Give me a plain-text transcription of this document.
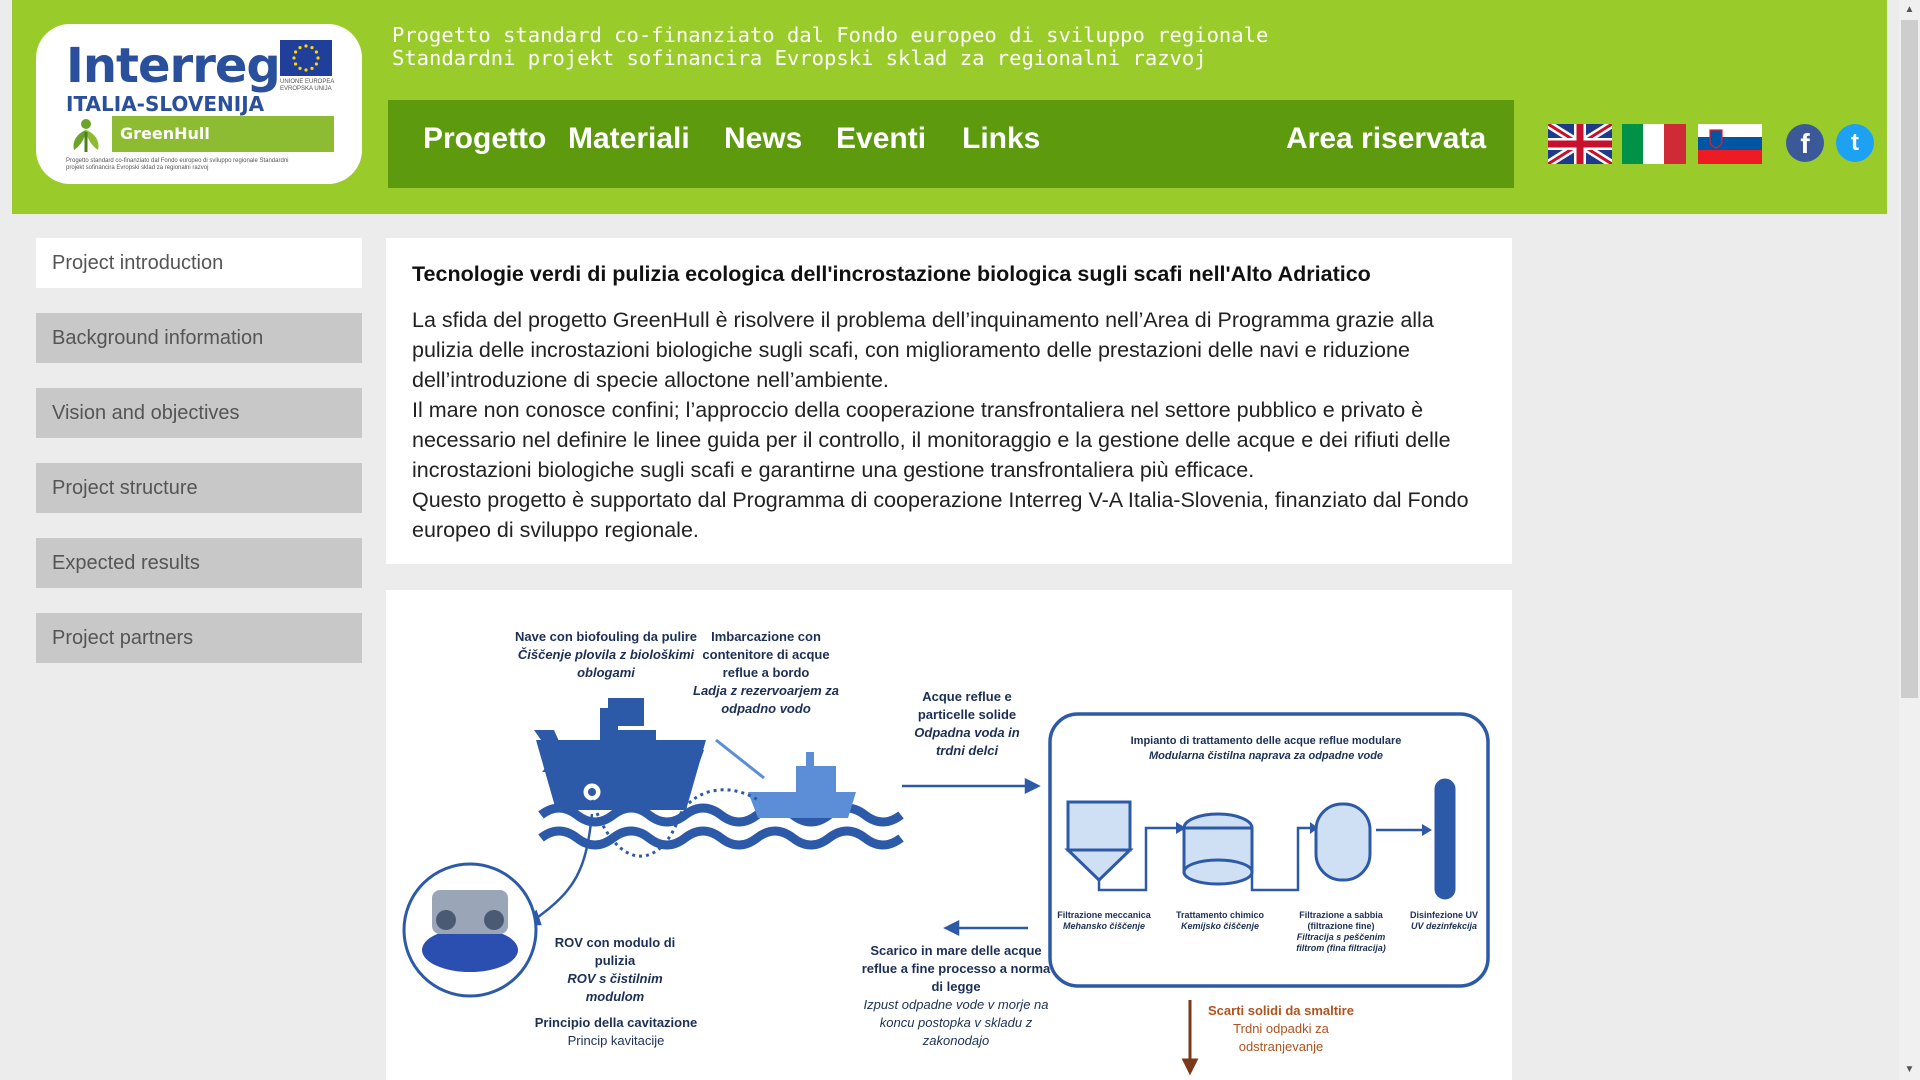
Interreg UNIONE EUROPEA EVROPSKA UNIJA
ITALIA-SLOVENIJA
GreenHull
Progetto standard co-finanziato dal Fondo europeo di sviluppo regionale Standardni projekt sofinancira Evropski sklad za regionalni razvoj
Progetto standard co-finanziato dal Fondo europeo di sviluppo regionale
Standardni projekt sofinancira Evropski sklad za regionalni razvoj
Progetto Materiali News Eventi Links	Area riservata	f	t
▲
▼
Project introduction
Background information
Vision and objectives
Project structure
Expected results
Project partners
Tecnologie verdi di pulizia ecologica dell'incrostazione biologica sugli scafi nell'Alto Adriatico

La sfida del progetto GreenHull è risolvere il problema dell’inquinamento nell’Area di Programma grazie alla pulizia delle incrostazioni biologiche sugli scafi, con miglioramento delle prestazioni delle navi e riduzione dell’introduzione di specie alloctone nell’ambiente.

Il mare non conosce confini; l’approccio della cooperazione transfrontaliera nel settore pubblico e privato è necessario nel definire le linee guida per il controllo, il monitoraggio e la gestione delle acque e dei rifiuti delle incrostazioni biologiche sugli scafi e garantirne una gestione transfrontaliera più efficace.

Questo progetto è supportato dal Programma di cooperazione Interreg V-A Italia-Slovenia, finanziato dal Fondo europeo di sviluppo regionale.

Nave con biofouling da pulire
Čiščenje plovila z biološkimi oblogami
Imbarcazione con contenitore di acque reflue a bordo
Ladja z rezervoarjem za odpadno vodo
Acque reflue e particelle solide
Odpadna voda in trdni delci
Impianto di trattamento delle acque reflue modulare
Modularna čistilna naprava za odpadne vode
Filtrazione meccanica
Mehansko čiščenje
Trattamento chimico
Kemijsko čiščenje
Filtrazione a sabbia (filtrazione fine)
Filtracija s peščenim filtrom (fina filtracija)
Disinfezione UV
UV dezinfekcija
ROV con modulo di pulizia
ROV s čistilnim modulom
Principio della cavitazione
Princip kavitacije
Scarico in mare delle acque reflue a fine processo a norma di legge
Izpust odpadne vode v morje na koncu postopka v skladu z zakonodajo
Scarti solidi da smaltire
Trdni odpadki za odstranjevanje
